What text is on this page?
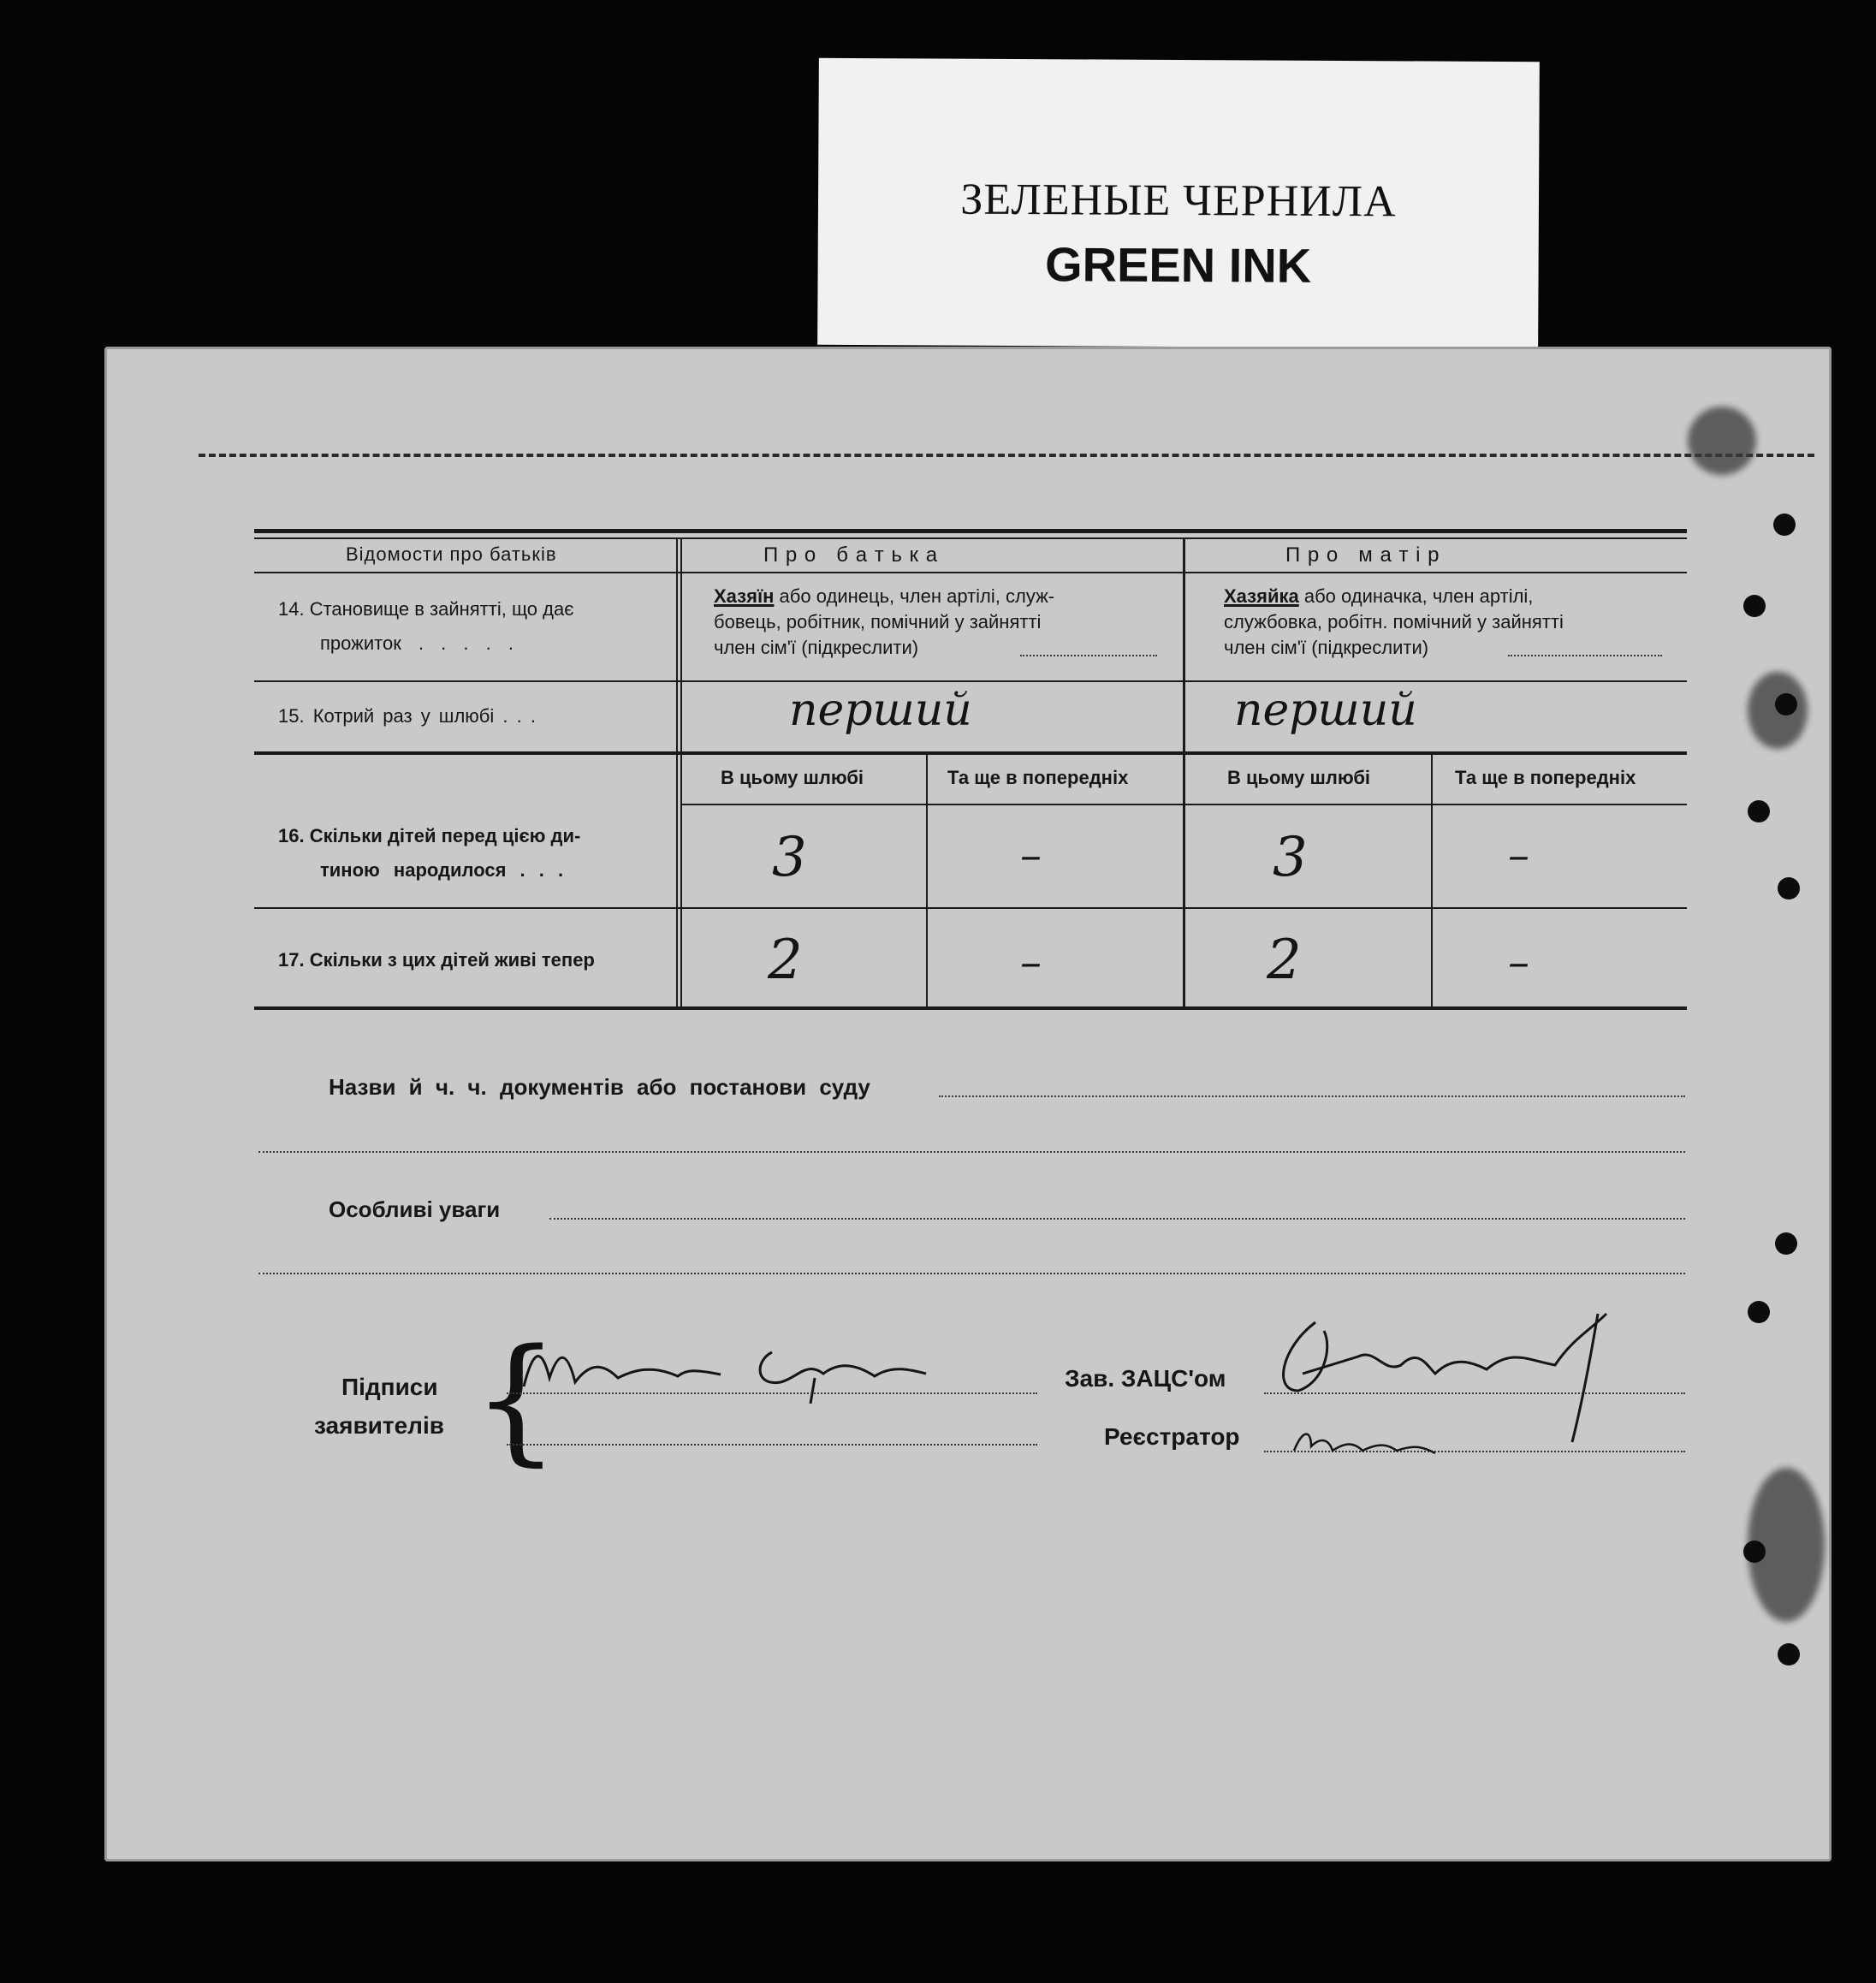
ЗЕЛЕНЫЕ ЧЕРНИЛА
GREEN INK
Відомости про батьків	П р о   б а т ь к а	П р о   м а т і р
14. Становище в зайнятті, що дає
прожиток . . . . .
Хазяїн або одинець, член артілі, служ-
бовець, робітник, помічний у зайнятті
член сім'ї (підкреслити)
Хазяйка або одиначка, член артілі,
службовка, робітн. помічний у зайнятті
член сім'ї (підкреслити)
15. Котрий раз у шлюбі . . .	перший	перший
В цьому шлюбі	Та ще в попередніх	В цьому шлюбі	Та ще в попередніх
16. Скільки дітей перед цією ди-
тиною народилося . . .	3	–	3	–
17. Скільки з цих дітей живі тепер	2	–	2	–
Назви й ч. ч. документів або постанови суду
Особливі уваги
Підписи
заявителів {	Зав. ЗАЦС'ом
Реєстратор
